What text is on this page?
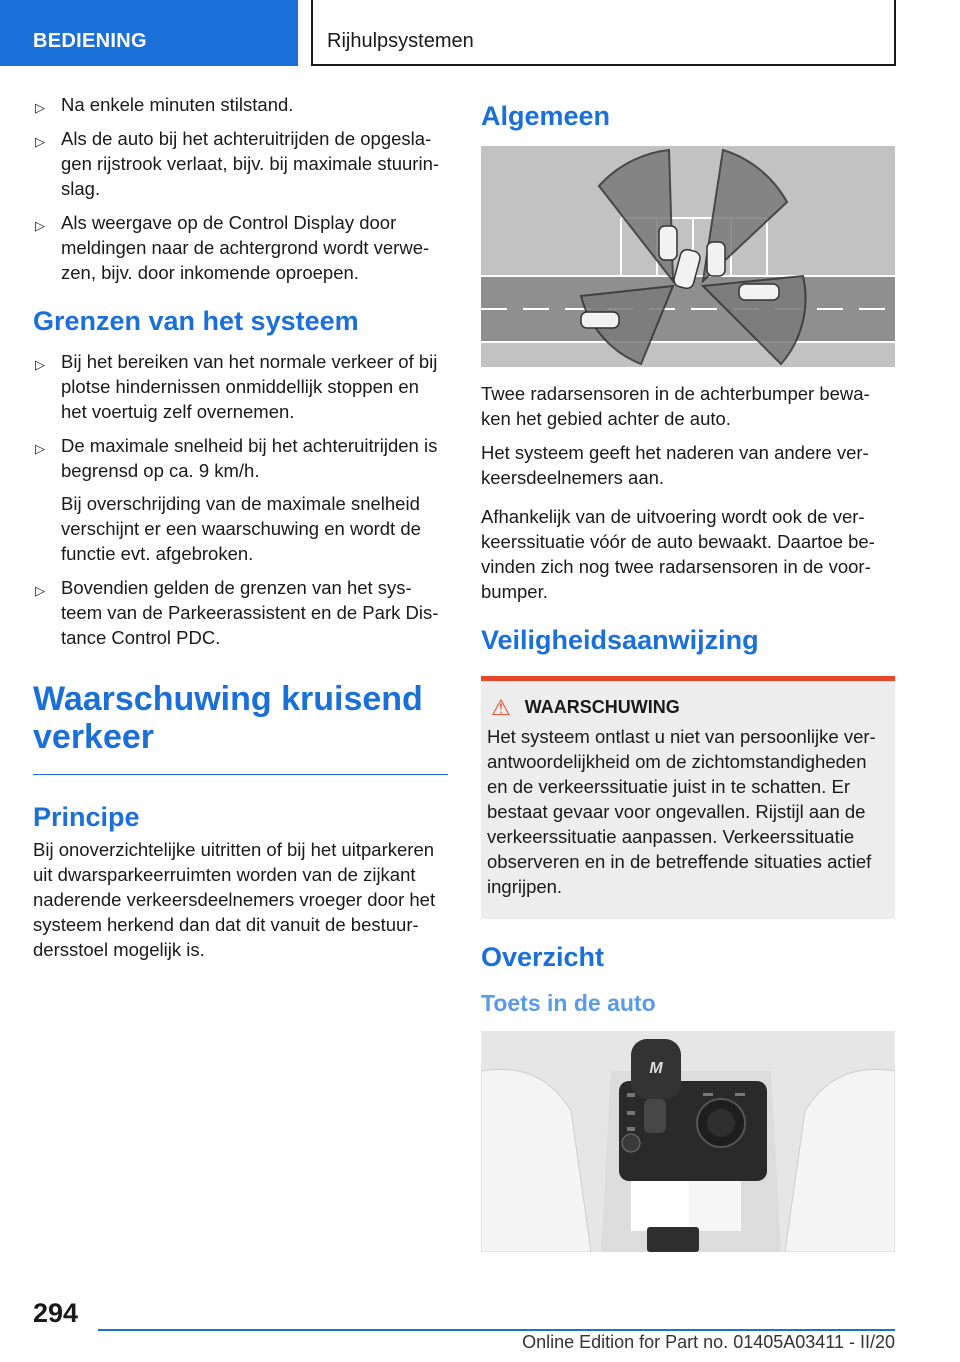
BEDIENING	Rijhulpsystemen
▷ Na enkele minuten stilstand.

▷ Als de auto bij het achteruitrijden de opgesla-gen rijstrook verlaat, bijv. bij maximale stuurin-slag.

▷ Als weergave op de Control Display door meldingen naar de achtergrond wordt verwe-zen, bijv. door inkomende oproepen.

Grenzen van het systeem
▷ Bij het bereiken van het normale verkeer of bij plotse hindernissen onmiddellijk stoppen en het voertuig zelf overnemen.

▷ De maximale snelheid bij het achteruitrijden is begrensd op ca. 9 km/h.

Bij overschrijding van de maximale snelheid verschijnt er een waarschuwing en wordt de functie evt. afgebroken.

▷ Bovendien gelden de grenzen van het sys-teem van de Parkeerassistent en de Park Dis-tance Control PDC.

Waarschuwing kruisend verkeer
Principe

Bij onoverzichtelijke uitritten of bij het uitparkeren uit dwarsparkeerruimten worden van de zijkant naderende verkeersdeelnemers vroeger door het systeem herkend dan dat dit vanuit de bestuur-dersstoel mogelijk is.

Algemeen

Twee radarsensoren in de achterbumper bewa-ken het gebied achter de auto.

Het systeem geeft het naderen van andere ver-keersdeelnemers aan.

Afhankelijk van de uitvoering wordt ook de ver-keerssituatie vóór de auto bewaakt. Daartoe be-vinden zich nog twee radarsensoren in de voor-bumper.

Veiligheidsaanwijzing
⚠ WAARSCHUWING

Het systeem ontlast u niet van persoonlijke ver-antwoordelijkheid om de zichtomstandigheden en de verkeerssituatie juist in te schatten. Er bestaat gevaar voor ongevallen. Rijstijl aan de verkeerssituatie aanpassen. Verkeerssituatie observeren en in de betreffende situaties actief ingrijpen.

Overzicht
Toets in de auto
M
294
Online Edition for Part no. 01405A03411 - II/20
